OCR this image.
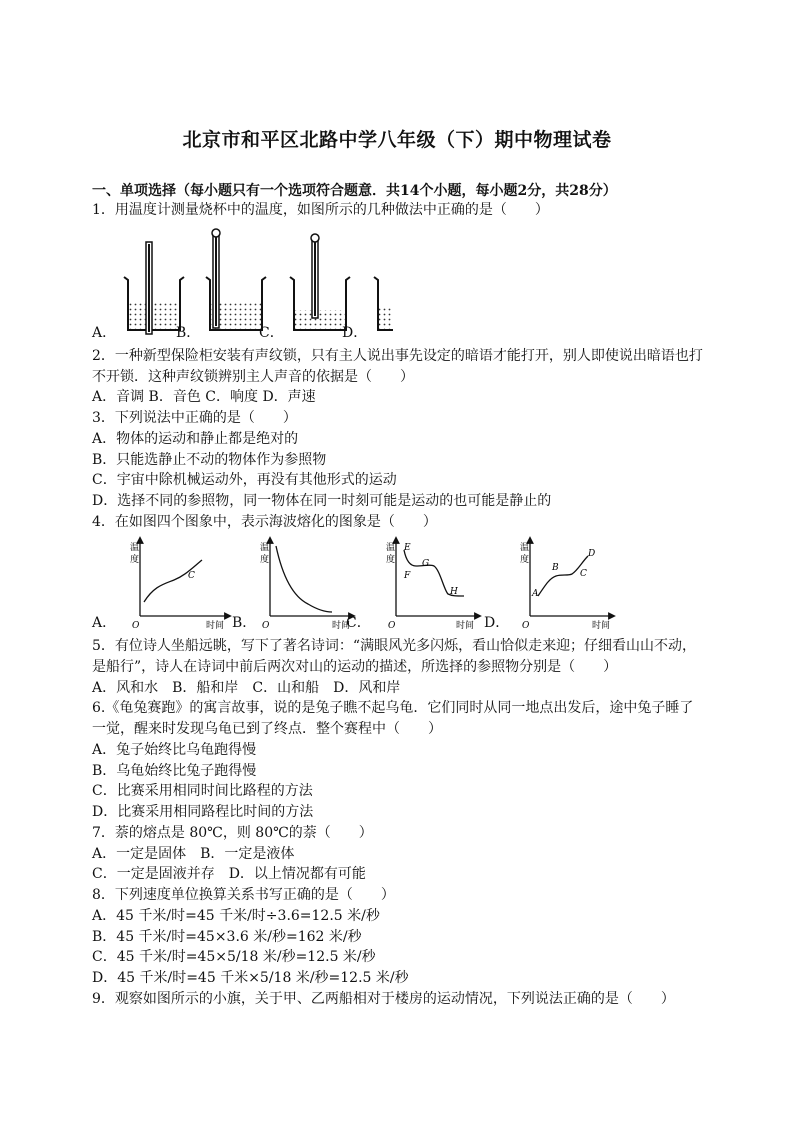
北京市和平区北路中学八年级（下）期中物理试卷
一、单项选择（每小题只有一个选项符合题意．共14个小题，每小题2分，共28分）
1．用温度计测量烧杯中的温度，如图所示的几种做法中正确的是（　　）
A．	B．	C．	D．
2．一种新型保险柜安装有声纹锁，只有主人说出事先设定的暗语才能打开，别人即使说出暗语也打
不开锁．这种声纹锁辨别主人声音的依据是（　　）
A．音调 B．音色 C．响度 D．声速
3．下列说法中正确的是（　　）
A．物体的运动和静止都是绝对的
B．只能选静止不动的物体作为参照物
C．宇宙中除机械运动外，再没有其他形式的运动
D．选择不同的参照物，同一物体在同一时刻可能是运动的也可能是静止的
4．在如图四个图象中，表示海波熔化的图象是（　　）
温
度
O	时间
C
温
度
O	时间
温
度
O	时间
E
F
G
H
温
度
O	时间
A
B
C
D
A．	B．	C．	D．
5．有位诗人坐船远眺，写下了著名诗词：“满眼风光多闪烁，看山恰似走来迎；仔细看山山不动，
是船行”，诗人在诗词中前后两次对山的运动的描述，所选择的参照物分别是（　　）
A．风和水　B．船和岸　C．山和船　D．风和岸
6.《龟兔赛跑》的寓言故事，说的是兔子瞧不起乌龟．它们同时从同一地点出发后，途中兔子睡了
一觉，醒来时发现乌龟已到了终点．整个赛程中（　　）
A．兔子始终比乌龟跑得慢
B．乌龟始终比兔子跑得慢
C．比赛采用相同时间比路程的方法
D．比赛采用相同路程比时间的方法
7．萘的熔点是 80℃，则 80℃的萘（　　）
A．一定是固体　B．一定是液体
C．一定是固液并存　D．以上情况都有可能
8．下列速度单位换算关系书写正确的是（　　）
A．45 千米/时=45 千米/时÷3.6=12.5 米/秒
B．45 千米/时=45×3.6 米/秒=162 米/秒
C．45 千米/时=45×5/18 米/秒=12.5 米/秒
D．45 千米/时=45 千米×5/18 米/秒=12.5 米/秒
9．观察如图所示的小旗，关于甲、乙两船相对于楼房的运动情况，下列说法正确的是（　　）
